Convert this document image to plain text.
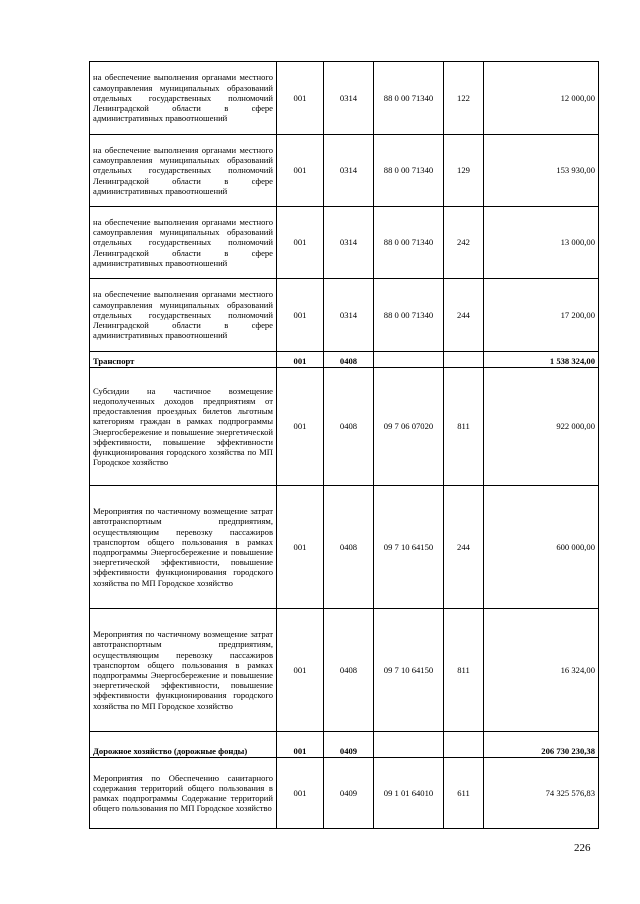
на обеспечение выполнения органами местного самоуправления муниципальных образований отдельных государственных полномочий Ленинградской области в сфере административных правоотношений	001	0314	88 0 00 71340	122	12 000,00
на обеспечение выполнения органами местного самоуправления муниципальных образований отдельных государственных полномочий Ленинградской области в сфере административных правоотношений	001	0314	88 0 00 71340	129	153 930,00
на обеспечение выполнения органами местного самоуправления муниципальных образований отдельных государственных полномочий Ленинградской области в сфере административных правоотношений	001	0314	88 0 00 71340	242	13 000,00
на обеспечение выполнения органами местного самоуправления муниципальных образований отдельных государственных полномочий Ленинградской области в сфере административных правоотношений	001	0314	88 0 00 71340	244	17 200,00
Транспорт	001	0408			1 538 324,00
Субсидии на частичное возмещение недополученных доходов предприятиям от предоставления проездных билетов льготным категориям граждан в рамках подпрограммы Энергосбережение и повышение энергетической эффективности, повышение эффективности функционирования городского хозяйства по МП Городское хозяйство	001	0408	09 7 06 07020	811	922 000,00
Мероприятия по частичному возмещение затрат автотранспортным предприятиям, осуществляющим перевозку пассажиров транспортом общего пользования в рамках подпрограммы Энергосбережение и повышение энергетической эффективности, повышение эффективности функционирования городского хозяйства по МП Городское хозяйство	001	0408	09 7 10 64150	244	600 000,00
Мероприятия по частичному возмещение затрат автотранспортным предприятиям, осуществляющим перевозку пассажиров транспортом общего пользования в рамках подпрограммы Энергосбережение и повышение энергетической эффективности, повышение эффективности функционирования городского хозяйства по МП Городское хозяйство	001	0408	09 7 10 64150	811	16 324,00
Дорожное хозяйство (дорожные фонды)	001	0409			206 730 230,38
Мероприятия по Обеспечению санитарного содержания территорий общего пользования в рамках подпрограммы Содержание территорий общего пользования по МП Городское хозяйство	001	0409	09 1 01 64010	611	74 325 576,83
226
